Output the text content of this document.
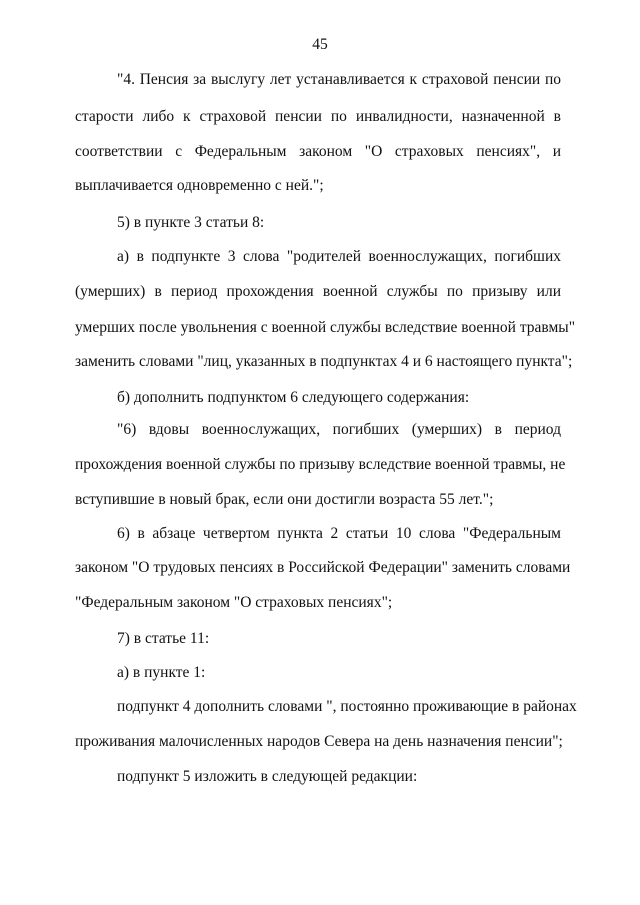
45
"4. Пенсия за выслугу лет устанавливается к страховой пенсии по
старости либо к страховой пенсии по инвалидности, назначенной в
соответствии с Федеральным законом "О страховых пенсиях", и
выплачивается одновременно с ней.";
5) в пункте 3 статьи 8:
а) в подпункте 3 слова "родителей военнослужащих, погибших
(умерших) в период прохождения военной службы по призыву или
умерших после увольнения с военной службы вследствие военной травмы"
заменить словами "лиц, указанных в подпунктах 4 и 6 настоящего пункта";
б) дополнить подпунктом 6 следующего содержания:
"6) вдовы военнослужащих, погибших (умерших) в период
прохождения военной службы по призыву вследствие военной травмы, не
вступившие в новый брак, если они достигли возраста 55 лет.";
6) в абзаце четвертом пункта 2 статьи 10 слова "Федеральным
законом "О трудовых пенсиях в Российской Федерации" заменить словами
"Федеральным законом "О страховых пенсиях";
7) в статье 11:
а) в пункте 1:
подпункт 4 дополнить словами ", постоянно проживающие в районах
проживания малочисленных народов Севера на день назначения пенсии";
подпункт 5 изложить в следующей редакции:
